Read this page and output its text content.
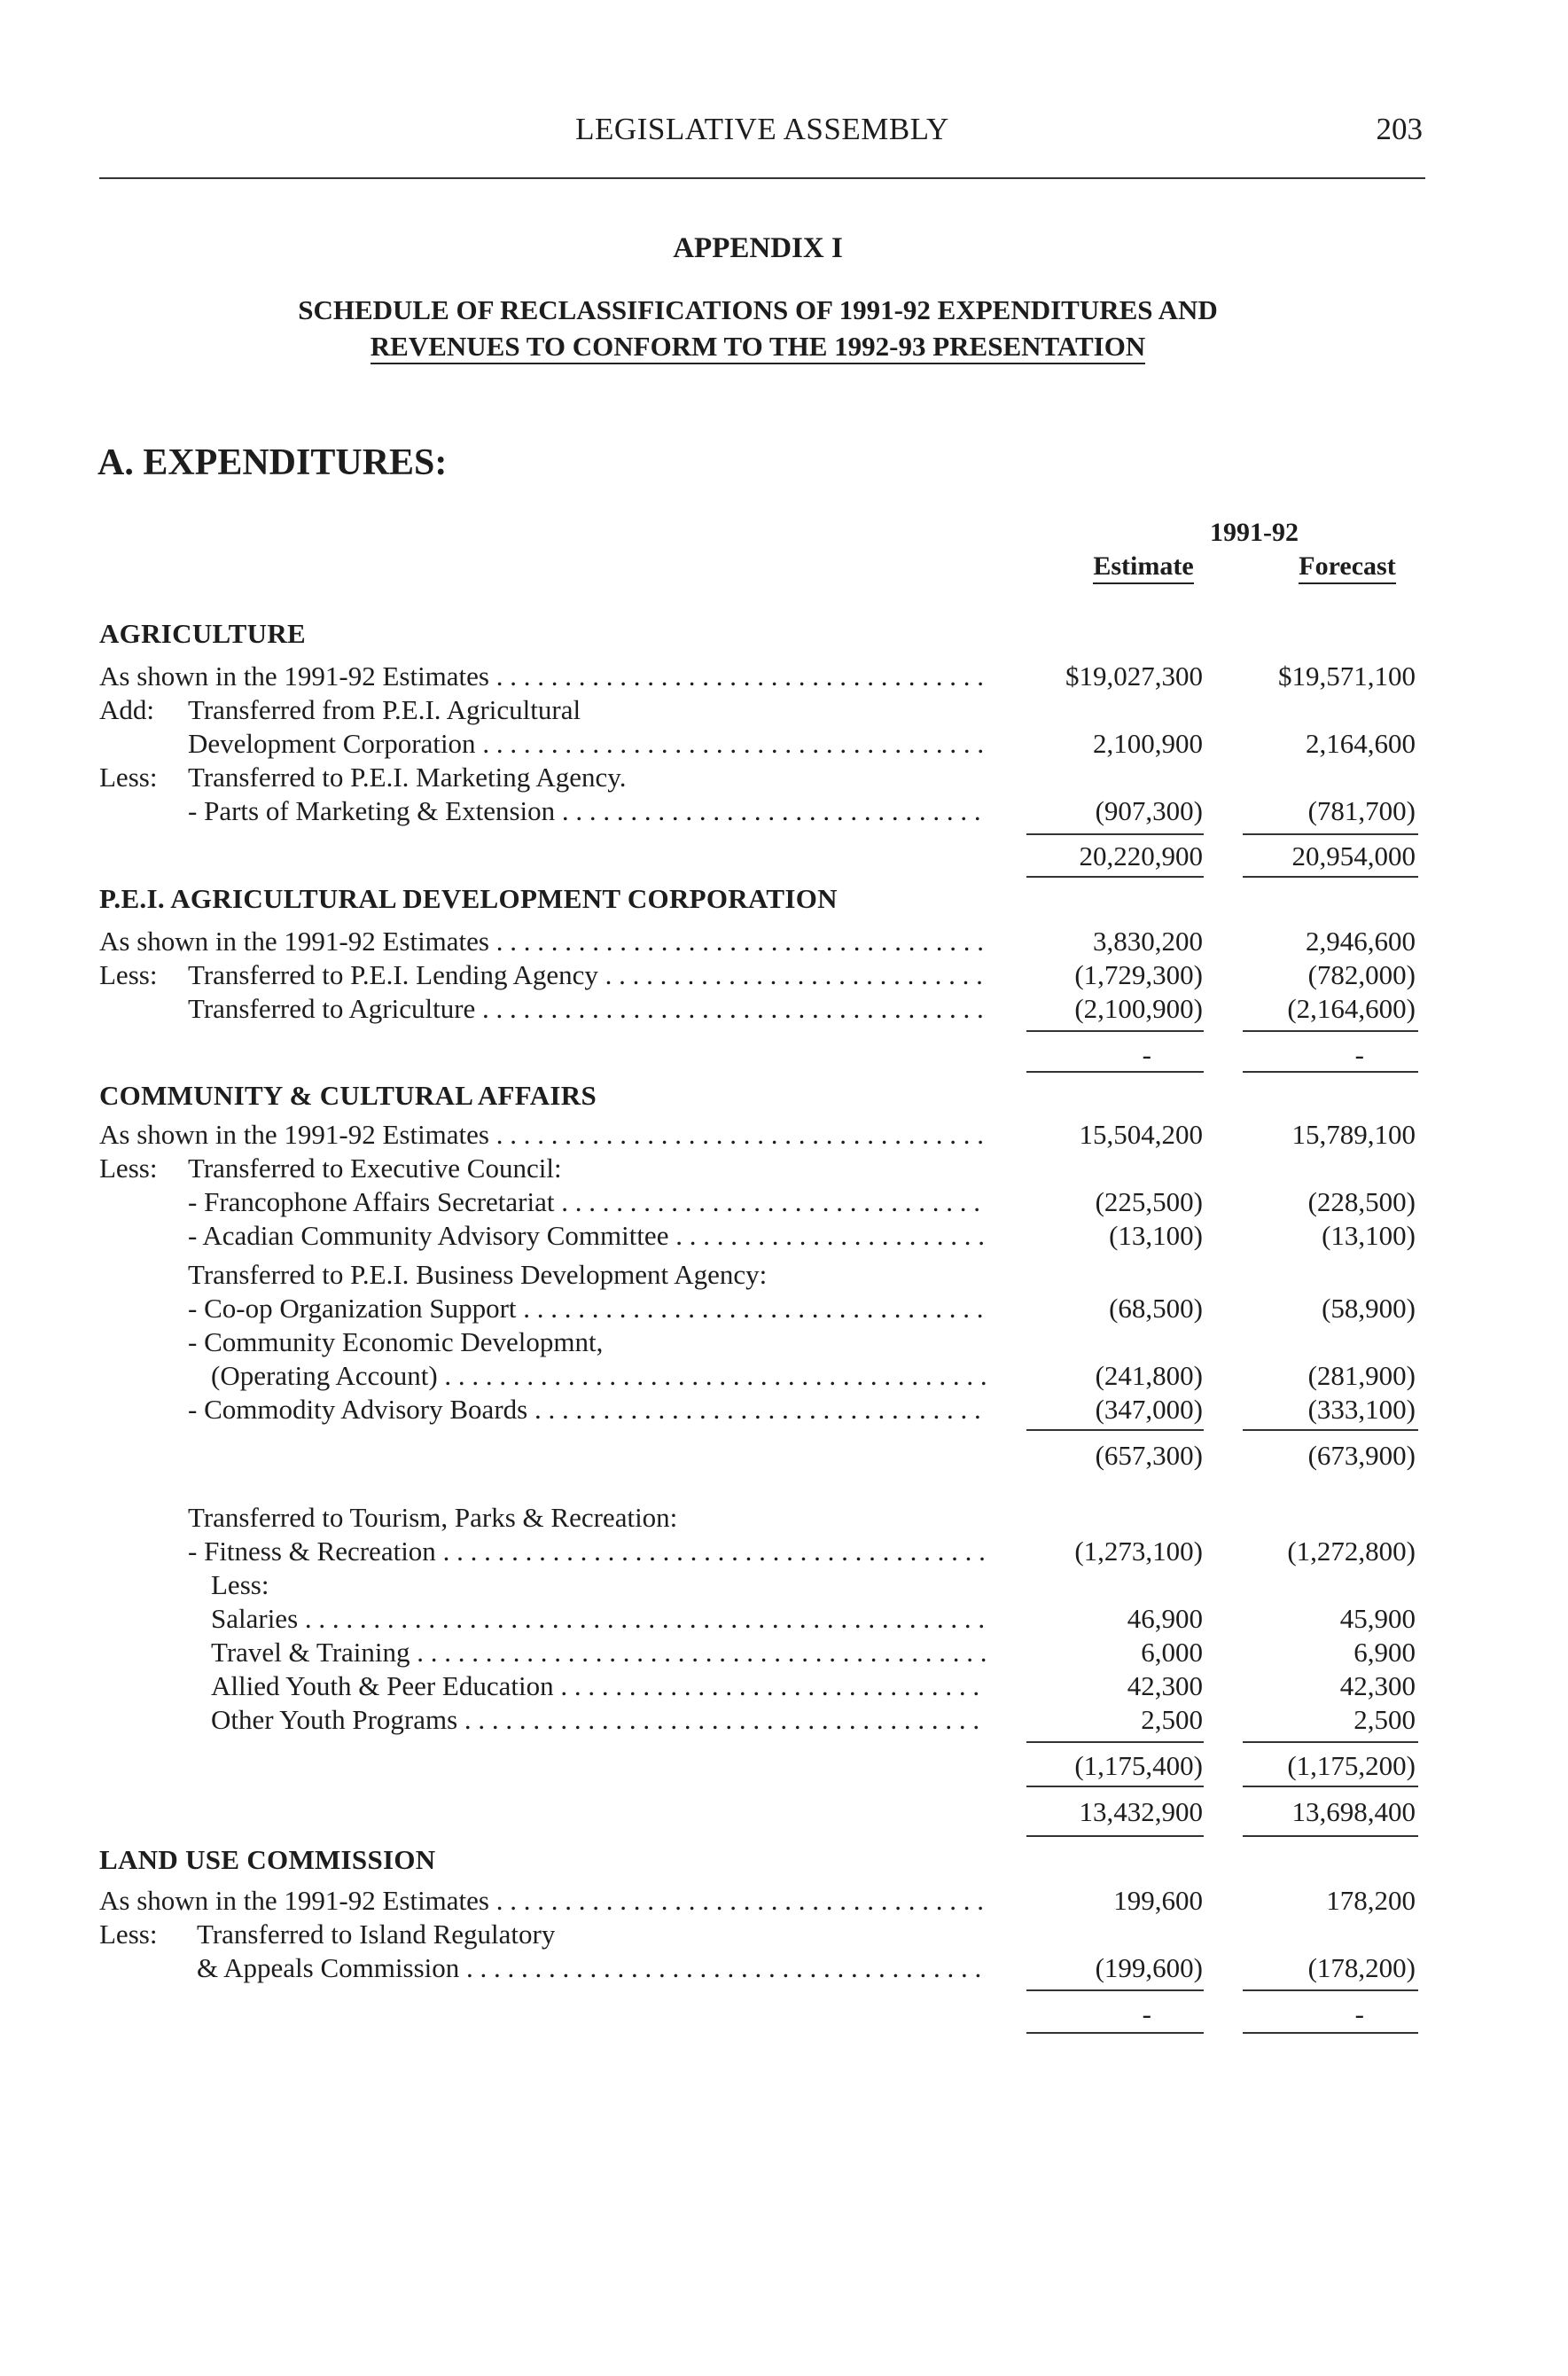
LEGISLATIVE ASSEMBLY	203
APPENDIX I
SCHEDULE OF RECLASSIFICATIONS OF 1991-92 EXPENDITURES AND
REVENUES TO CONFORM TO THE 1992-93 PRESENTATION
A. EXPENDITURES:
1991-92
Estimate	Forecast
AGRICULTURE
As shown in the 1991-92 Estimates . . .	$19,027,300	$19,571,100
Add: Transferred from P.E.I. Agricultural
Development Corporation . . .	2,100,900	2,164,600
Less: Transferred to P.E.I. Marketing Agency.
- Parts of Marketing & Extension . . .	(907,300)	(781,700)
20,220,900	20,954,000
P.E.I. AGRICULTURAL DEVELOPMENT CORPORATION
As shown in the 1991-92 Estimates . . .	3,830,200	2,946,600
Less: Transferred to P.E.I. Lending Agency . . .	(1,729,300)	(782,000)
Transferred to Agriculture . . .	(2,100,900)	(2,164,600)
-	-
COMMUNITY & CULTURAL AFFAIRS
As shown in the 1991-92 Estimates . . .	15,504,200	15,789,100
Less: Transferred to Executive Council:
- Francophone Affairs Secretariat . . .	(225,500)	(228,500)
- Acadian Community Advisory Committee . . .	(13,100)	(13,100)
Transferred to P.E.I. Business Development Agency:
- Co-op Organization Support . . .	(68,500)	(58,900)
- Community Economic Developmnt,
(Operating Account) . . .	(241,800)	(281,900)
- Commodity Advisory Boards . . .	(347,000)	(333,100)
(657,300)	(673,900)
Transferred to Tourism, Parks & Recreation:
- Fitness & Recreation . . .	(1,273,100)	(1,272,800)
Less:
Salaries . . .	46,900	45,900
Travel & Training . . .	6,000	6,900
Allied Youth & Peer Education . . .	42,300	42,300
Other Youth Programs . . .	2,500	2,500
(1,175,400)	(1,175,200)
13,432,900	13,698,400
LAND USE COMMISSION
As shown in the 1991-92 Estimates . . .	199,600	178,200
Less: Transferred to Island Regulatory
& Appeals Commission . . .	(199,600)	(178,200)
-	-
